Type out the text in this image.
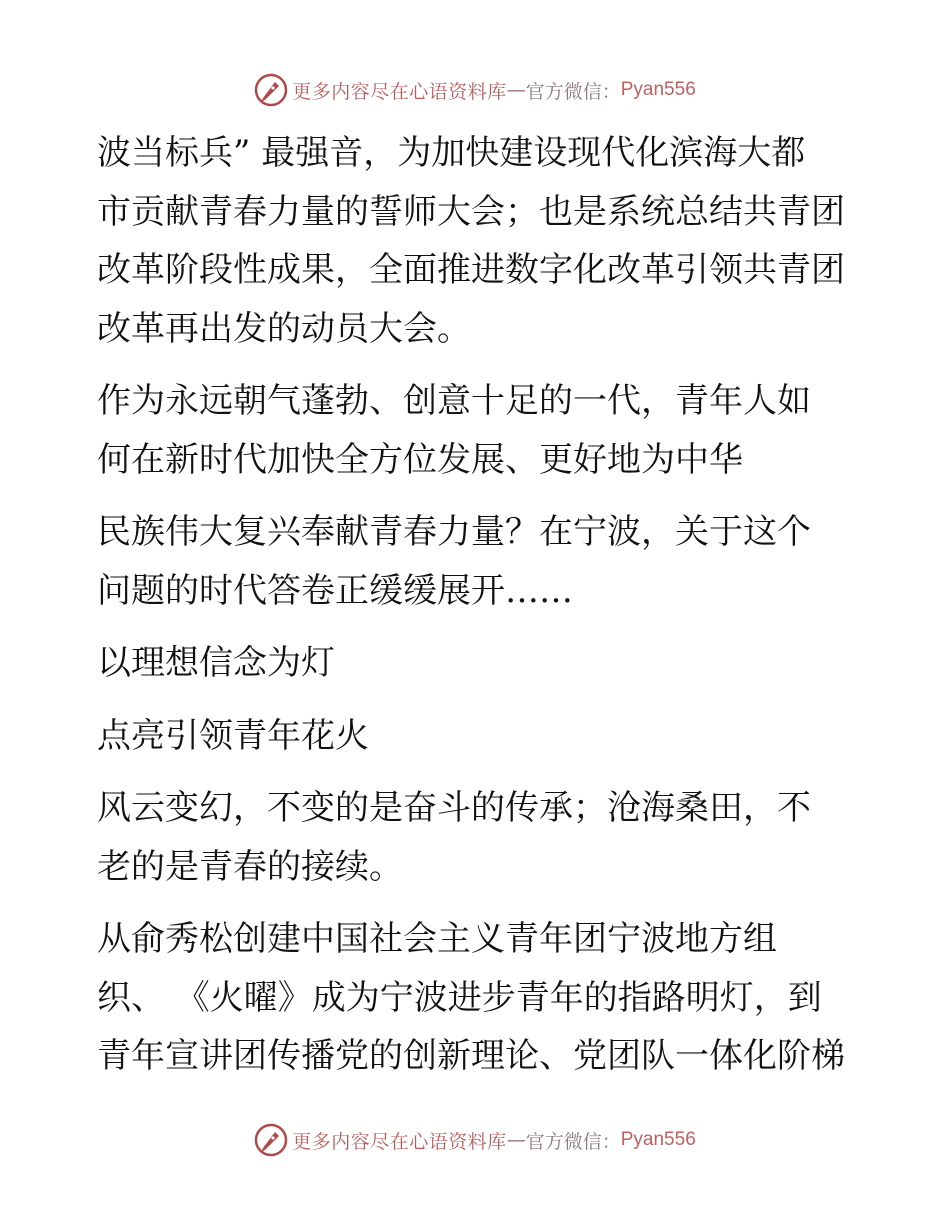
更多内容尽在心语资料库 — 官方微信： Pyan556

波当标兵” 最强音，为加快建设现代化滨海大都

市贡献青春力量的誓师大会；也是系统总结共青团

改革阶段性成果，全面推进数字化改革引领共青团

改革再出发的动员大会。

作为永远朝气蓬勃、创意十足的一代，青年人如

何在新时代加快全方位发展、更好地为中华

民族伟大复兴奉献青春力量？在宁波，关于这个

问题的时代答卷正缓缓展开……

以理想信念为灯

点亮引领青年花火

风云变幻，不变的是奋斗的传承；沧海桑田，不

老的是青春的接续。

从俞秀松创建中国社会主义青年团宁波地方组

织、 《火曜》成为宁波进步青年的指路明灯，到

青年宣讲团传播党的创新理论、党团队一体化阶梯

更多内容尽在心语资料库 — 官方微信： Pyan556
